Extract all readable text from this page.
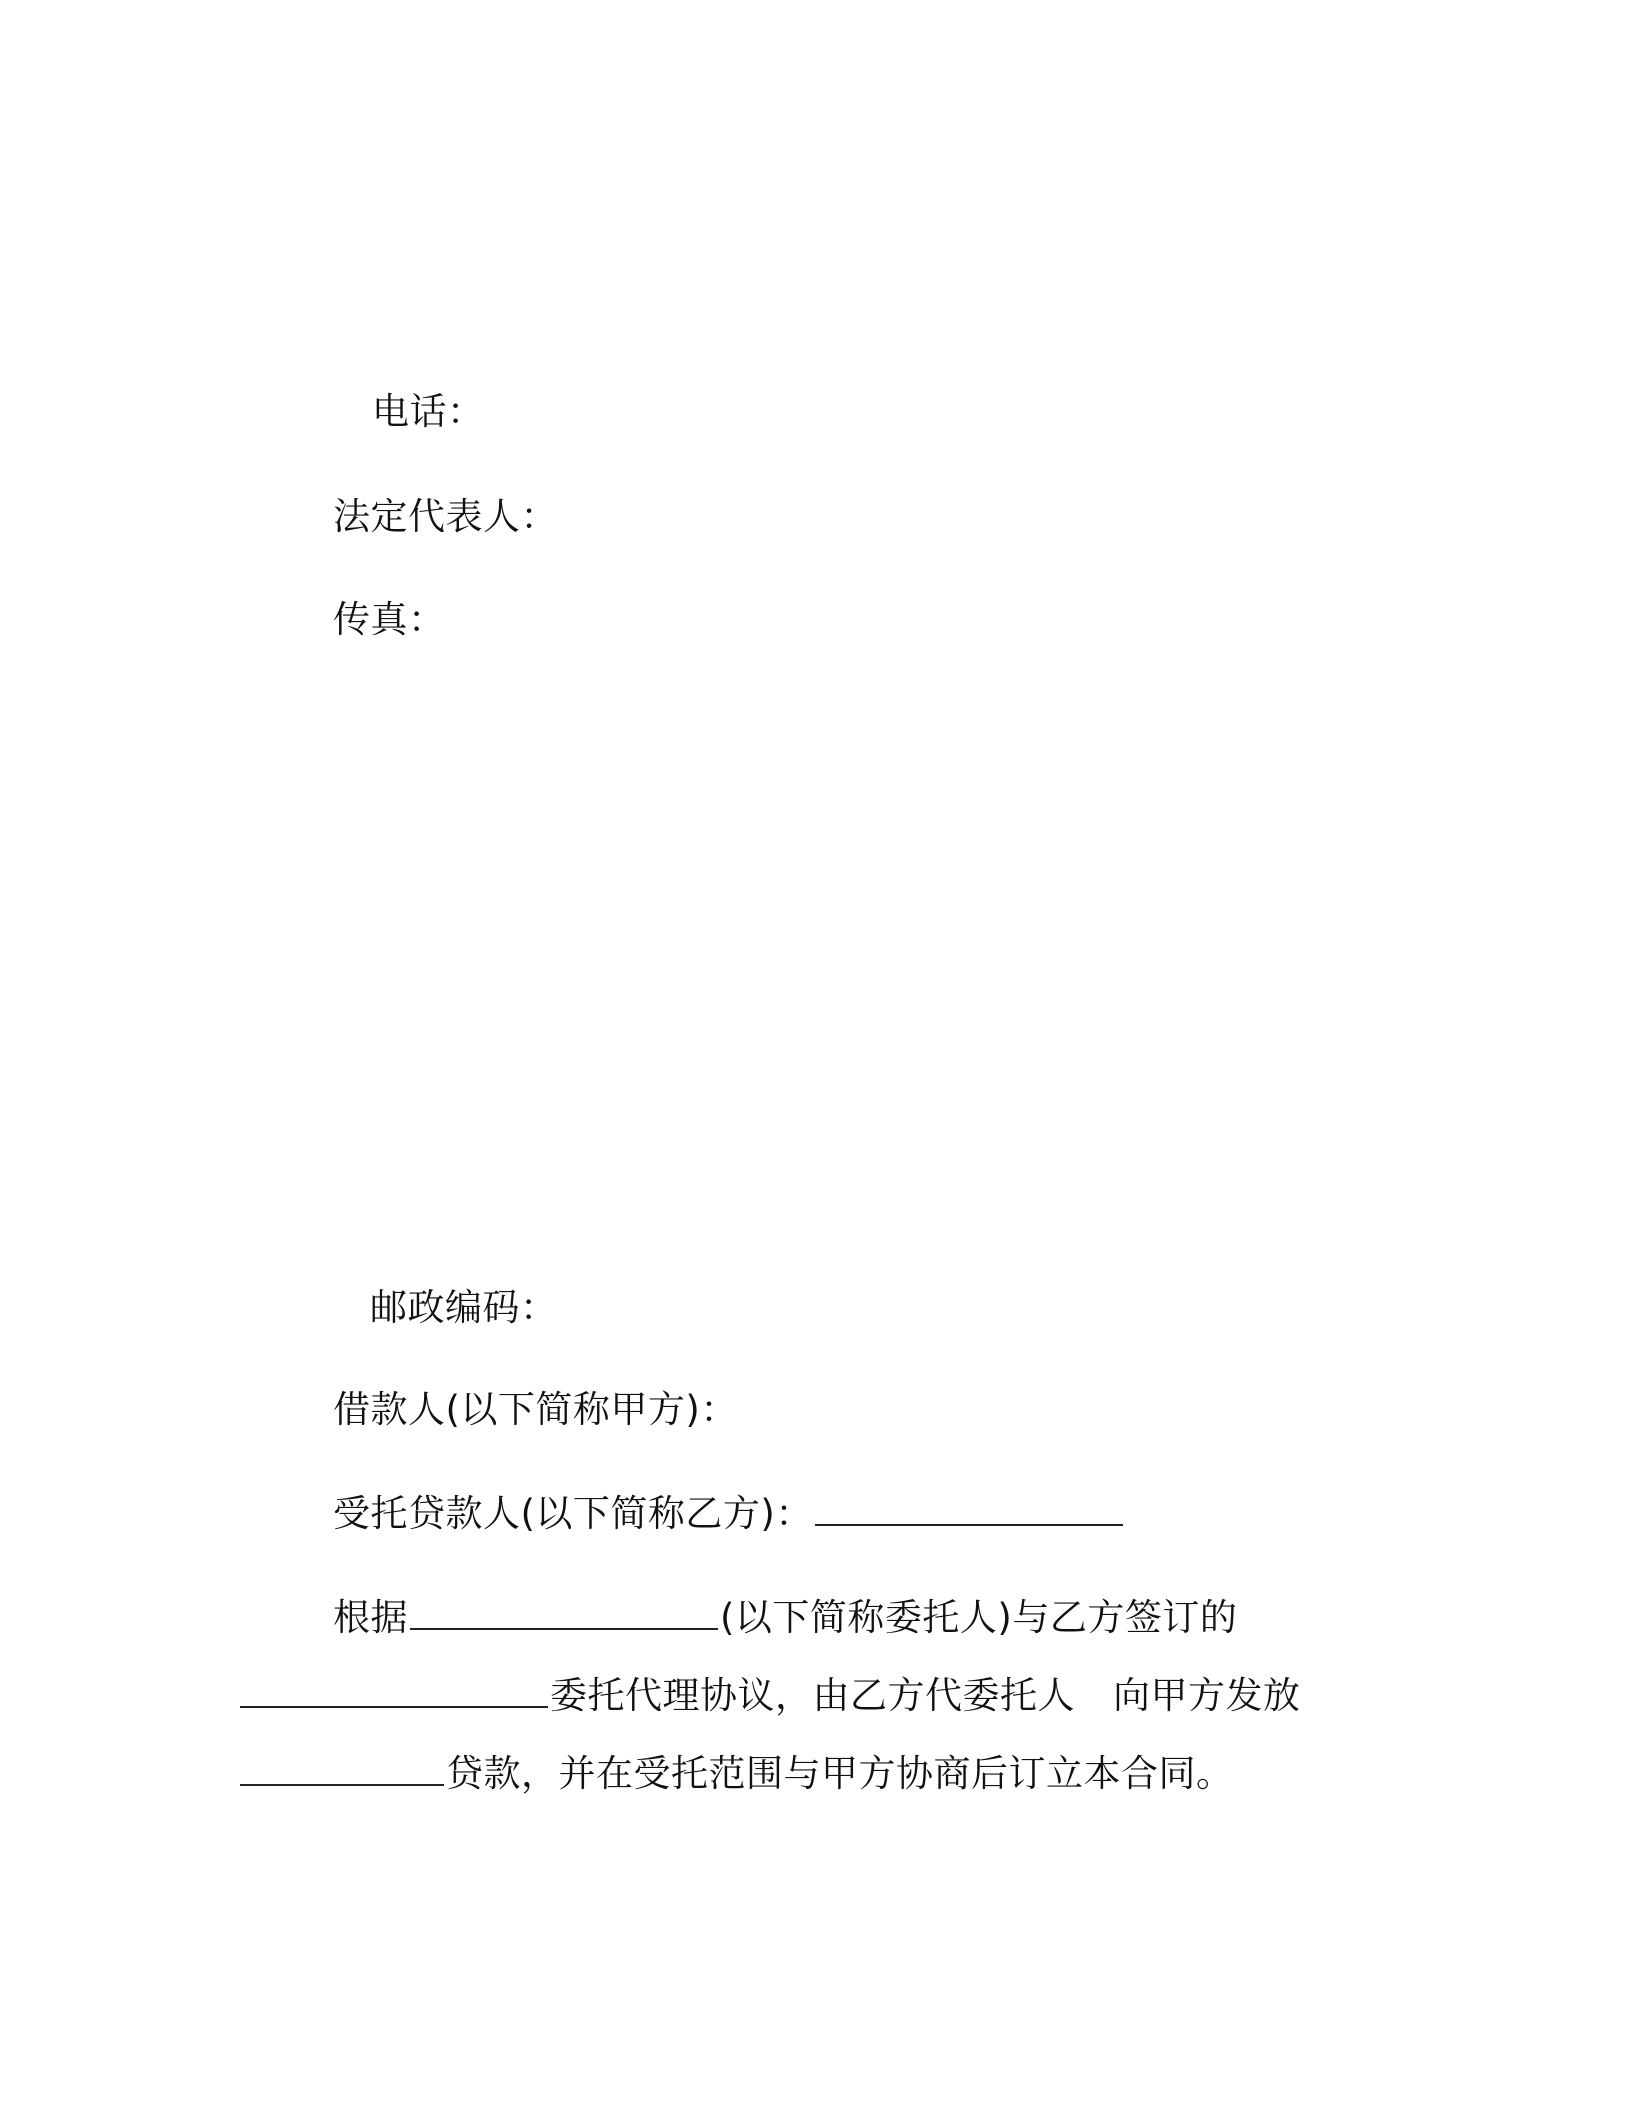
电话：
法定代表人：
传真：
邮政编码：
借款人(以下简称甲方)：
受托贷款人(以下简称乙方)：
根据	(以下简称委托人)与乙方签订的
委托代理协议，由乙方代委托人 向甲方发放
贷款，并在受托范围与甲方协商后订立本合同。
